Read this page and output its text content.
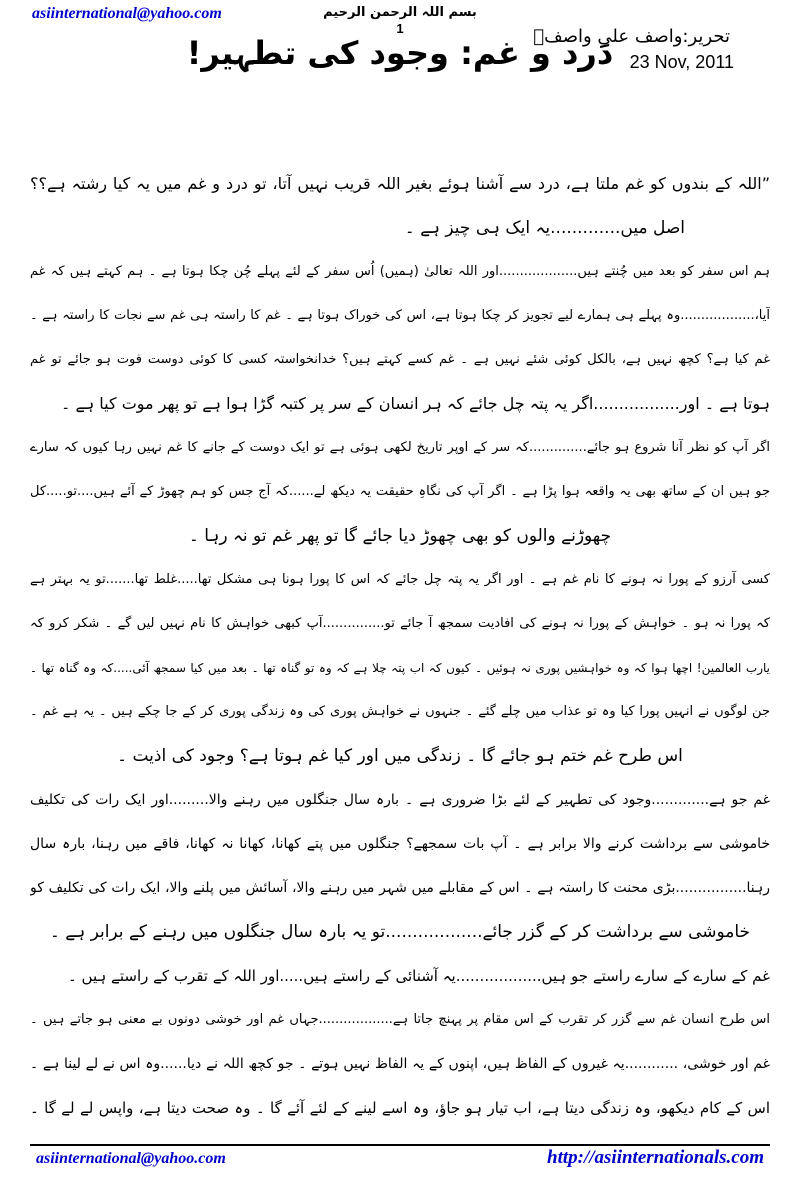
asiinternational@yahoo.com	بسم اللہ الرحمن الرحیم
1	تحریر:واصف علی واصفؒ
23 Nov, 2011
دَرد و غم: وجود کی تطہیر!
”اللہ کے بندوں کو غم ملتا ہے، درد سے آشنا ہوئے بغیر اللہ قریب نہیں آتا، تو درد و غم میں یہ کیا رشتہ ہے؟؟
اصل میں.............یہ ایک ہی چیز ہے ۔
ہم اس سفر کو بعد میں چُنتے ہیں...................اور اللہ تعالیٰ (ہمیں) اُس سفر کے لئے پہلے چُن چکا ہوتا ہے ۔ ہم کہتے ہیں کہ غم
آیا،..................وہ پہلے ہی ہمارے لیے تجویز کر چکا ہوتا ہے، اس کی خوراک ہوتا ہے ۔ غم کا راستہ ہی غم سے نجات کا راستہ ہے ۔
غم کیا ہے؟ کچھ نہیں ہے، بالکل کوئی شئے نہیں ہے ۔ غم کسے کہتے ہیں؟ خدانخواستہ کسی کا کوئی دوست فوت ہو جائے تو غم
ہوتا ہے ۔ اور.................اگر یہ پتہ چل جائے کہ ہر انسان کے سر پر کتبہ گڑا ہوا ہے تو پھر موت کیا ہے ۔
اگر آپ کو نظر آنا شروع ہو جائے..............کہ سر کے اوپر تاریخ لکھی ہوئی ہے تو ایک دوست کے جانے کا غم نہیں رہا کیوں کہ سارے
جو ہیں ان کے ساتھ بھی یہ واقعہ ہوا پڑا ہے ۔ اگر آپ کی نگاہِ حقیقت یہ دیکھ لے......کہ آج جس کو ہم چھوڑ کے آئے ہیں....تو.....کل
چھوڑنے والوں کو بھی چھوڑ دیا جائے گا تو پھر غم تو نہ رہا ۔
کسی آرزو کے پورا نہ ہونے کا نام غم ہے ۔ اور اگر یہ پتہ چل جائے کہ اس کا پورا ہونا ہی مشکل تھا.....غلط تھا.......تو یہ بہتر ہے
کہ پورا نہ ہو ۔ خواہش کے پورا نہ ہونے کی افادیت سمجھ آ جائے تو...............آپ کبھی خواہش کا نام نہیں لیں گے ۔ شکر کرو کہ
یارب العالمین! اچھا ہوا کہ وہ خواہشیں پوری نہ ہوئیں ۔ کیوں کہ اب پتہ چلا ہے کہ وہ تو گناہ تھا ۔ بعد میں کیا سمجھ آئی.....کہ وہ گناہ تھا ۔
جن لوگوں نے انہیں پورا کیا وہ تو عذاب میں چلے گئے ۔ جنہوں نے خواہش پوری کی وہ زندگی پوری کر کے جا چکے ہیں ۔ یہ ہے غم ۔
اس طرح غم ختم ہو جائے گا ۔ زندگی میں اور کیا غم ہوتا ہے؟ وجود کی اذیت ۔
غم جو ہے.............وجود کی تطہیر کے لئے بڑا ضروری ہے ۔ بارہ سال جنگلوں میں رہنے والا.........اور ایک رات کی تکلیف
خاموشی سے برداشت کرنے والا برابر ہے ۔ آپ بات سمجھے؟ جنگلوں میں پتے کھانا، کھانا نہ کھانا، فاقے میں رہنا، بارہ سال
رہنا................بڑی محنت کا راستہ ہے ۔ اس کے مقابلے میں شہر میں رہنے والا، آسائش میں پلنے والا، ایک رات کی تکلیف کو
خاموشی سے برداشت کر کے گزر جائے..................تو یہ بارہ سال جنگلوں میں رہنے کے برابر ہے ۔
غم کے سارے کے سارے راستے جو ہیں..................یہ آشنائی کے راستے ہیں.....اور اللہ کے تقرب کے راستے ہیں ۔
اس طرح انسان غم سے گزر کر تقرب کے اس مقام پر پہنچ جاتا ہے..................جہاں غم اور خوشی دونوں بے معنی ہو جاتے ہیں ۔
غم اور خوشی، ............یہ غیروں کے الفاظ ہیں، اپنوں کے یہ الفاظ نہیں ہوتے ۔ جو کچھ اللہ نے دیا......وہ اس نے لے لینا ہے ۔
اس کے کام دیکھو، وہ زندگی دیتا ہے، اب تیار ہو جاؤ، وہ اسے لینے کے لئے آئے گا ۔ وہ صحت دیتا ہے، واپس لے لے گا ۔
asiinternational@yahoo.com	http://asiinternationals.com
